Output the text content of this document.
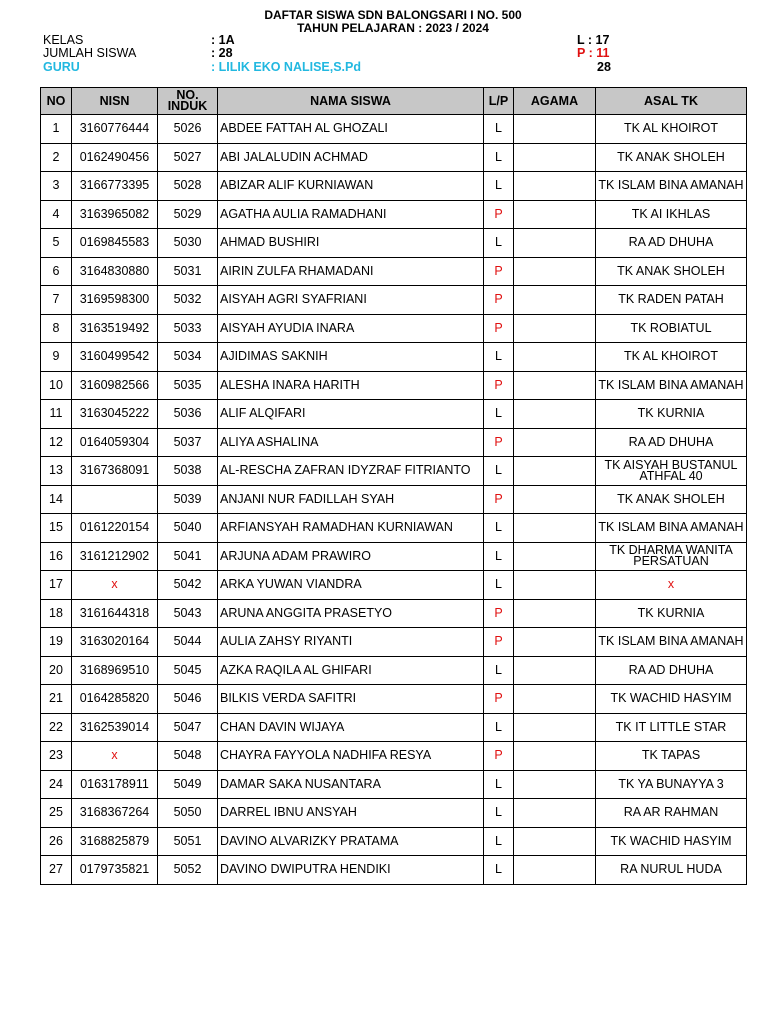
DAFTAR SISWA SDN BALONGSARI I NO. 500
TAHUN PELAJARAN : 2023 / 2024
KELAS	: 1A
JUMLAH SISWA	: 28
GURU	: LILIK EKO NALISE,S.Pd
L : 17
P : 11
28
NO	NISN	NO. INDUK	NAMA SISWA	L/P	AGAMA	ASAL TK
1	3160776444	5026	ABDEE FATTAH AL GHOZALI	L		TK AL KHOIROT
2	0162490456	5027	ABI JALALUDIN ACHMAD	L		TK ANAK SHOLEH
3	3166773395	5028	ABIZAR ALIF KURNIAWAN	L		TK ISLAM BINA AMANAH
4	3163965082	5029	AGATHA AULIA RAMADHANI	P		TK AI IKHLAS
5	0169845583	5030	AHMAD BUSHIRI	L		RA AD DHUHA
6	3164830880	5031	AIRIN ZULFA RHAMADANI	P		TK ANAK SHOLEH
7	3169598300	5032	AISYAH AGRI SYAFRIANI	P		TK RADEN PATAH
8	3163519492	5033	AISYAH AYUDIA INARA	P		TK ROBIATUL
9	3160499542	5034	AJIDIMAS SAKNIH	L		TK AL KHOIROT
10	3160982566	5035	ALESHA INARA HARITH	P		TK ISLAM BINA AMANAH
11	3163045222	5036	ALIF ALQIFARI	L		TK KURNIA
12	0164059304	5037	ALIYA ASHALINA	P		RA AD DHUHA
13	3167368091	5038	AL-RESCHA ZAFRAN IDYZRAF FITRIANTO	L		TK AISYAH BUSTANUL ATHFAL 40
14		5039	ANJANI NUR FADILLAH SYAH	P		TK ANAK SHOLEH
15	0161220154	5040	ARFIANSYAH RAMADHAN KURNIAWAN	L		TK ISLAM BINA AMANAH
16	3161212902	5041	ARJUNA ADAM PRAWIRO	L		TK DHARMA WANITA PERSATUAN
17	x	5042	ARKA YUWAN VIANDRA	L		x
18	3161644318	5043	ARUNA ANGGITA PRASETYO	P		TK KURNIA
19	3163020164	5044	AULIA ZAHSY RIYANTI	P		TK ISLAM BINA AMANAH
20	3168969510	5045	AZKA RAQILA AL GHIFARI	L		RA AD DHUHA
21	0164285820	5046	BILKIS VERDA SAFITRI	P		TK WACHID HASYIM
22	3162539014	5047	CHAN DAVIN WIJAYA	L		TK IT LITTLE STAR
23	x	5048	CHAYRA FAYYOLA NADHIFA RESYA	P		TK TAPAS
24	0163178911	5049	DAMAR SAKA NUSANTARA	L		TK YA BUNAYYA 3
25	3168367264	5050	DARREL IBNU ANSYAH	L		RA AR RAHMAN
26	3168825879	5051	DAVINO ALVARIZKY PRATAMA	L		TK WACHID HASYIM
27	0179735821	5052	DAVINO DWIPUTRA HENDIKI	L		RA NURUL HUDA
